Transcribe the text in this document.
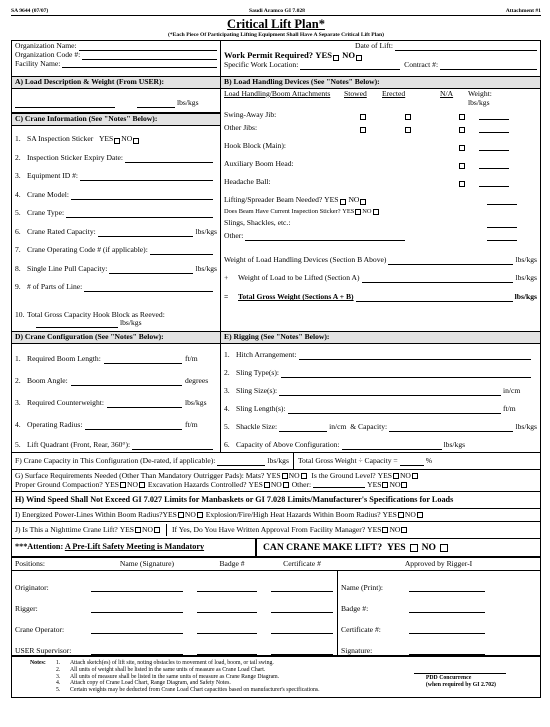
SA 9644 (07/07)	Saudi Aramco GI 7.028	Attachment #1
Critical Lift Plan*
(*Each Piece Of Participating Lifting Equipment Shall Have A Separate Critical Lift Plan)
Organization Name:
Organization Code #:
Facility Name:
Date of Lift:
Work Permit Required?
YES
NO
Specific Work Location:
	Contract #:
A) Load Description & Weight (From USER):
lbs/kgs
C) Crane Information (See "Notes" Below):
1. SA Inspection Sticker
YES NO
2. Inspection Sticker Expiry Date:
3. Equipment ID #:
4. Crane Model:
5. Crane Type:
6. Crane Rated Capacity:	lbs/kgs
7. Crane Operating Code # (if applicable):
8. Single Line Pull Capacity:	lbs/kgs
9. # of Parts of Line:
10. Total Gross Capacity Hook Block as Reeved:
lbs/kgs
B) Load Handling Devices (See "Notes" Below):
Load Handling/Boom Attachments	Stowed	Erected	N/A	Weight: lbs/kgs
Swing-Away Jib:
Other Jibs:
Hook Block (Main):
Auxiliary Boom Head:
Headache Ball:
Lifting/Spreader Beam Needed?
YES
NO
Does Beam Have Current Inspection Sticker?
YES NO
Slings, Shackles, etc.:
Other:
Weight of Load Handling Devices (Section B Above)	lbs/kgs
+	Weight of Load to be Lifted (Section A)	lbs/kgs
=	Total Gross Weight (Sections A + B)	lbs/kgs
D) Crane Configuration (See "Notes" Below):
1. Required Boom Length:	ft/m
2. Boom Angle:	degrees
3. Required Counterweight:	lbs/kgs
4. Operating Radius:	ft/m
5. Lift Quadrant (Front, Rear, 360°):
E) Rigging (See "Notes" Below):
1. Hitch Arrangement:
2. Sling Type(s):
3. Sling Size(s):	in/cm
4. Sling Length(s):	ft/m
5. Shackle Size:	in/cm
& Capacity:	lbs/kgs
6. Capacity of Above Configuration:	lbs/kgs
F) Crane Capacity in This Configuration (De-rated, if applicable):	lbs/kgs Total Gross Weight ÷ Capacity =	%
G) Surface Requirements Needed (Other Than Mandatory Outrigger Pads): Mats?
YES NO
Is the Ground Level?
YES NO
Proper Ground Compaction?
YES NO
Excavation Hazards Controlled?
YES NO
Other:	YES NO
H) Wind Speed Shall Not Exceed GI 7.027 Limits for Manbaskets or GI 7.028 Limits/Manufacturer's Specifications for Loads
I) Energized Power-Lines Within Boom Radius? YES NO
Explosion/Fire/High Heat Hazards Within Boom Radius?
YES NO
J) Is This a Nighttime Crane Lift?
YES NO	If Yes, Do You Have Written Approval From Facility Manager?
YES NO
***Attention: A Pre-Lift Safety Meeting is Mandatory	CAN CRANE MAKE LIFT?
YES NO
Positions:	Name (Signature)	Badge #	Certificate #	Approved by Rigger-I
Originator:
Rigger:
Crane Operator:
USER Supervisor:
Name (Print):
Badge #:
Certificate #:
Signature:
Notes:	1.	Attach sketch(es) of lift site, noting obstacles to movement of load, boom, or tail swing.
2.	All units of weight shall be listed in the same units of measure as Crane Load Chart.
3.	All units of measure shall be listed in the same units of measure as Crane Range Diagram.
4.	Attach copy of Crane Load Chart, Range Diagram, and Safety Notes.
5.	Certain weights may be deducted from Crane Load Chart capacities based on manufacturer's specifications.
PDD Concurrence
(when required by GI 2.702)
